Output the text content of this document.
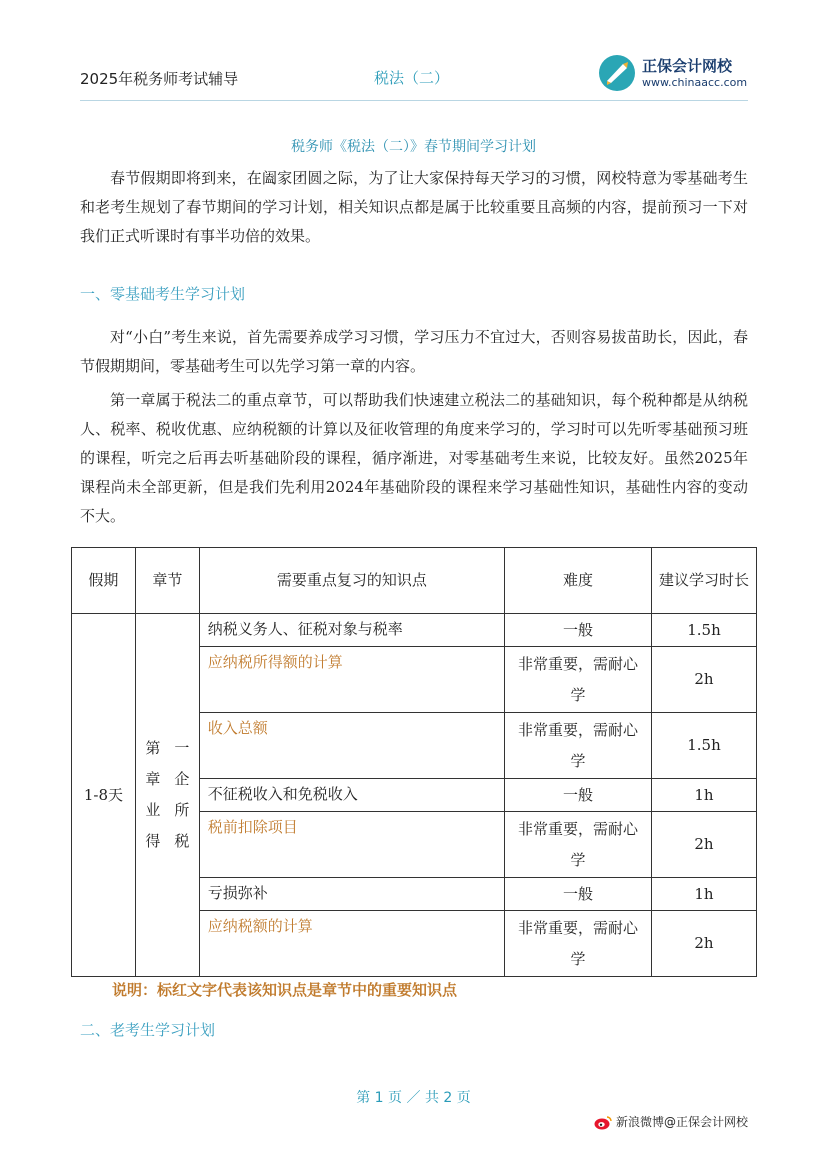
2025年税务师考试辅导	税法（二）
正保会计网校
www.chinaacc.com
税务师《税法（二）》春节期间学习计划
春节假期即将到来，在阖家团圆之际，为了让大家保持每天学习的习惯，网校特意为零基础考生和老考生规划了春节期间的学习计划，相关知识点都是属于比较重要且高频的内容，提前预习一下对我们正式听课时有事半功倍的效果。
一、零基础考生学习计划
对“小白”考生来说，首先需要养成学习习惯，学习压力不宜过大，否则容易拔苗助长，因此，春节假期期间，零基础考生可以先学习第一章的内容。
第一章属于税法二的重点章节，可以帮助我们快速建立税法二的基础知识，每个税种都是从纳税人、税率、税收优惠、应纳税额的计算以及征收管理的角度来学习的，学习时可以先听零基础预习班的课程，听完之后再去听基础阶段的课程，循序渐进，对零基础考生来说，比较友好。虽然2025年课程尚未全部更新，但是我们先利用2024年基础阶段的课程来学习基础性知识，基础性内容的变动不大。
假期	章节	需要重点复习的知识点	难度	建议学习时长

1-8天	第一章企业所得税	纳税义务人、征税对象与税率	一般	1.5h
		应纳税所得额的计算	非常重要，需耐心学	2h
		收入总额	非常重要，需耐心学	1.5h
		不征税收入和免税收入	一般	1h
		税前扣除项目	非常重要，需耐心学	2h
		亏损弥补	一般	1h
		应纳税额的计算	非常重要，需耐心学	2h
说明：标红文字代表该知识点是章节中的重要知识点
二、老考生学习计划
第 1 页 ／ 共 2 页
新浪微博@正保会计网校
